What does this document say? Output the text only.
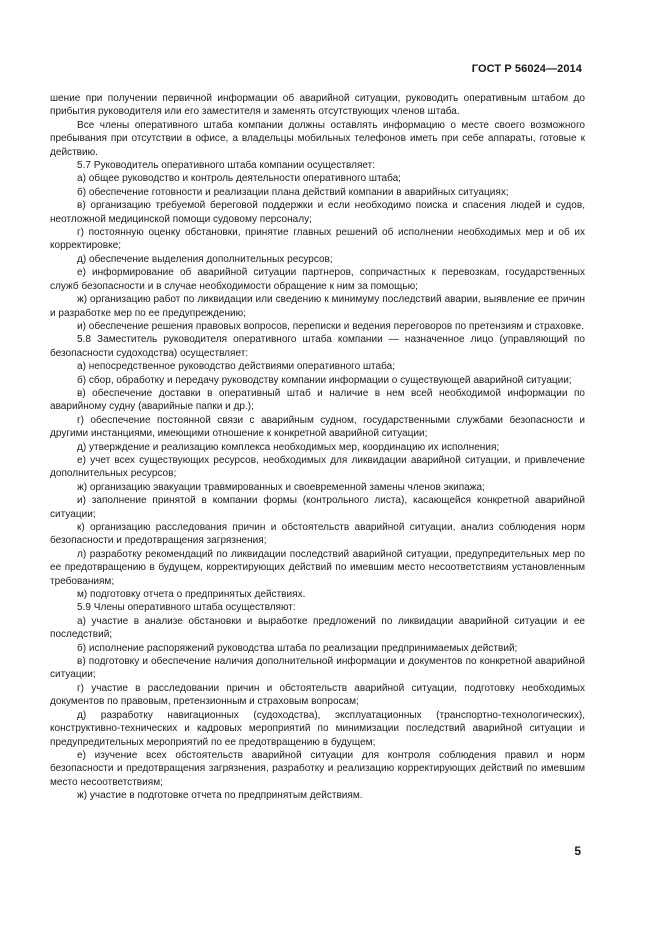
ГОСТ Р 56024—2014

шение при получении первичной информации об аварийной ситуации, руководить оперативным штабом до прибытия руководителя или его заместителя и заменять отсутствующих членов штаба.

Все члены оперативного штаба компании должны оставлять информацию о месте своего возможного пребывания при отсутствии в офисе, а владельцы мобильных телефонов иметь при себе аппараты, готовые к действию.

5.7 Руководитель оперативного штаба компании осуществляет:

а) общее руководство и контроль деятельности оперативного штаба;

б) обеспечение готовности и реализации плана действий компании в аварийных ситуациях;

в) организацию требуемой береговой поддержки и если необходимо поиска и спасения людей и судов, неотложной медицинской помощи судовому персоналу;

г) постоянную оценку обстановки, принятие главных решений об исполнении необходимых мер и об их корректировке;

д) обеспечение выделения дополнительных ресурсов;

е) информирование об аварийной ситуации партнеров, сопричастных к перевозкам, государственных служб безопасности и в случае необходимости обращение к ним за помощью;

ж) организацию работ по ликвидации или сведению к минимуму последствий аварии, выявление ее причин и разработке мер по ее предупреждению;

и) обеспечение решения правовых вопросов, переписки и ведения переговоров по претензиям и страховке.

5.8 Заместитель руководителя оперативного штаба компании — назначенное лицо (управляющий по безопасности судоходства) осуществляет:

а) непосредственное руководство действиями оперативного штаба;

б) сбор, обработку и передачу руководству компании информации о существующей аварийной ситуации;

в) обеспечение доставки в оперативный штаб и наличие в нем всей необходимой информации по аварийному судну (аварийные папки и др.);

г) обеспечение постоянной связи с аварийным судном, государственными службами безопасности и другими инстанциями, имеющими отношение к конкретной аварийной ситуации;

д) утверждение и реализацию комплекса необходимых мер, координацию их исполнения;

е) учет всех существующих ресурсов, необходимых для ликвидации аварийной ситуации, и привлечение дополнительных ресурсов;

ж) организацию эвакуации травмированных и своевременной замены членов экипажа;

и) заполнение принятой в компании формы (контрольного листа), касающейся конкретной аварийной ситуации;

к) организацию расследования причин и обстоятельств аварийной ситуации, анализ соблюдения норм безопасности и предотвращения загрязнения;

л) разработку рекомендаций по ликвидации последствий аварийной ситуации, предупредительных мер по ее предотвращению в будущем, корректирующих действий по имевшим место несоответствиям установленным требованиям;

м) подготовку отчета о предпринятых действиях.

5.9 Члены оперативного штаба осуществляют:

а) участие в анализе обстановки и выработке предложений по ликвидации аварийной ситуации и ее последствий;

б) исполнение распоряжений руководства штаба по реализации предпринимаемых действий;

в) подготовку и обеспечение наличия дополнительной информации и документов по конкретной аварийной ситуации;

г) участие в расследовании причин и обстоятельств аварийной ситуации, подготовку необходимых документов по правовым, претензионным и страховым вопросам;

д) разработку навигационных (судоходства), эксплуатационных (транспортно-технологических), конструктивно-технических и кадровых мероприятий по минимизации последствий аварийной ситуации и предупредительных мероприятий по ее предотвращению в будущем;

е) изучение всех обстоятельств аварийной ситуации для контроля соблюдения правил и норм безопасности и предотвращения загрязнения, разработку и реализацию корректирующих действий по имевшим место несоответствиям;

ж) участие в подготовке отчета по предпринятым действиям.

5
